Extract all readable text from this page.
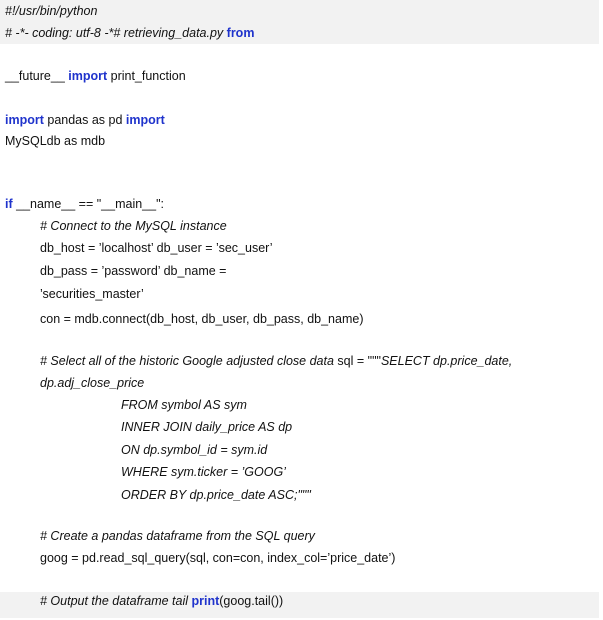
#!/usr/bin/python
# -*- coding: utf-8 -*# retrieving_data.py from
__future__ import print_function
import pandas as pd import
MySQLdb as mdb
if __name__ == "__main__":
# Connect to the MySQL instance
db_host = ’localhost’ db_user = ’sec_user’
db_pass = ’password’ db_name =
’securities_master’
con = mdb.connect(db_host, db_user, db_pass, db_name)
# Select all of the historic Google adjusted close data sql = """SELECT dp.price_date,
dp.adj_close_price
FROM symbol AS sym
INNER JOIN daily_price AS dp
ON dp.symbol_id = sym.id
WHERE sym.ticker = ’GOOG’
ORDER BY dp.price_date ASC;"""
# Create a pandas dataframe from the SQL query
goog = pd.read_sql_query(sql, con=con, index_col=’price_date’)
# Output the dataframe tail print(goog.tail())
